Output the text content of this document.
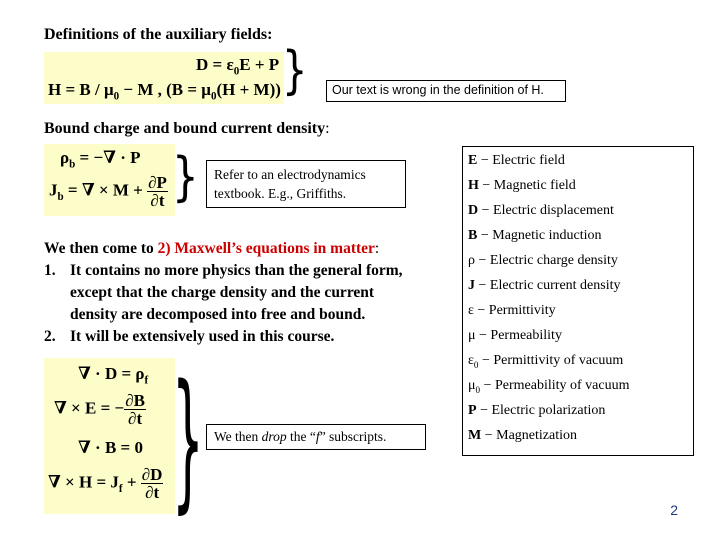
Definitions of the auxiliary fields:
$D = \varepsilon_0E + P$
$H = B / \mu_0 - M$ , $(B = \mu_0(H + M))$ }	Our text is wrong in the definition of H.
Bound charge and bound current density:
$\rho_b$ = −∇ · P
$J_b$ = ∇ × $M + \frac{\partial P}{\partial t}$ }	Refer to an electrodynamics textbook. E.g., Griffiths.
We then come to 2) Maxwell’s equations in matter:
1. It contains no more physics than the general form,
except that the charge density and the current
density are decomposed into free and bound.
2. It will be extensively used in this course.
∇ · $D = \rho_f$
∇ × E = − $\frac{\partial B}{\partial t}$
∇ · B = 0
∇ × $H = J_f + \frac{\partial D}{\partial t}$ } We then drop the “f” subscripts.
E − Electric field
H − Magnetic field
D − Electric displacement
B − Magnetic induction
ρ − Electric charge density
J − Electric current density
ε − Permittivity
μ − Permeability
$\varepsilon_0$ − Permittivity of vacuum
$\mu_0$ − Permeability of vacuum
P − Electric polarization
M − Magnetization
2
